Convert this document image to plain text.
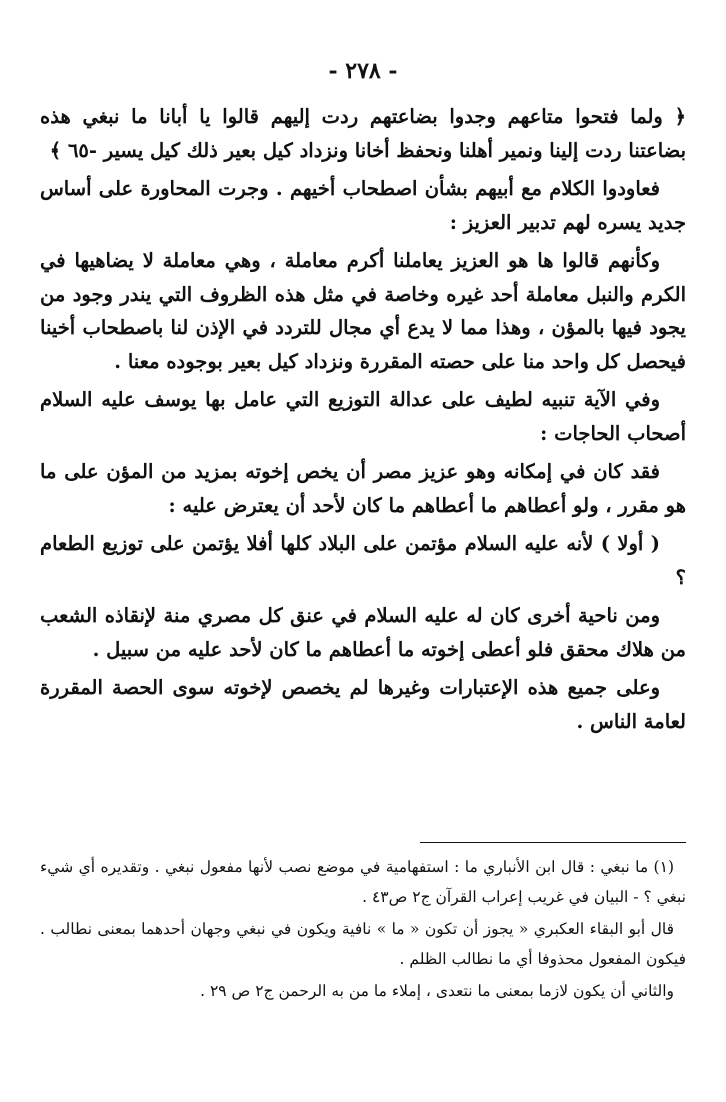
- ٢٧٨ -

﴿ ولما فتحوا متاعهم وجدوا بضاعتهم ردت إليهم قالوا يا أبانا ما نبغي هذه بضاعتنا ردت إلينا ونمير أهلنا ونحفظ أخانا ونزداد كيل بعير ذلك كيل يسير -٦٥ ﴾

فعاودوا الكلام مع أبيهم بشأن اصطحاب أخيهم . وجرت المحاورة على أساس جديد يسره لهم تدبير العزيز :

وكأنهم قالوا ها هو العزيز يعاملنا أكرم معاملة ، وهي معاملة لا يضاهيها في الكرم والنبل معاملة أحد غيره وخاصة في مثل هذه الظروف التي يندر وجود من يجود فيها بالمؤن ، وهذا مما لا يدع أي مجال للتردد في الإذن لنا باصطحاب أخينا فيحصل كل واحد منا على حصته المقررة ونزداد كيل بعير بوجوده معنا .

وفي الآية تنبيه لطيف على عدالة التوزيع التي عامل بها يوسف عليه السلام أصحاب الحاجات :

فقد كان في إمكانه وهو عزيز مصر أن يخص إخوته بمزيد من المؤن على ما هو مقرر ، ولو أعطاهم ما أعطاهم ما كان لأحد أن يعترض عليه :

( أولا ) لأنه عليه السلام مؤتمن على البلاد كلها أفلا يؤتمن على توزيع الطعام ؟

ومن ناحية أخرى كان له عليه السلام في عنق كل مصري منة لإنقاذه الشعب من هلاك محقق فلو أعطى إخوته ما أعطاهم ما كان لأحد عليه من سبيل .

وعلى جميع هذه الإعتبارات وغيرها لم يخصص لإخوته سوى الحصة المقررة لعامة الناس .

(١) ما نبغي : قال ابن الأنباري ما : استفهامية في موضع نصب لأنها مفعول نبغي . وتقديره أي شيء نبغي ؟ - البيان في غريب إعراب القرآن ج٢ ص٤٣ .

قال أبو البقاء العكبري « يجوز أن تكون « ما » نافية ويكون في نبغي وجهان أحدهما بمعنى نطالب . فيكون المفعول محذوفا أي ما نطالب الظلم .

والثاني أن يكون لازما بمعنى ما نتعدى ، إملاء ما من به الرحمن ج٢ ص ٢٩ .
